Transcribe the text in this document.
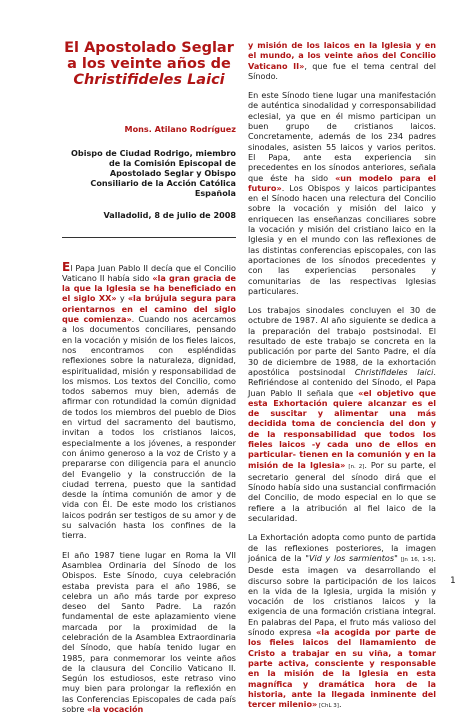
El Apostolado Seglar
a los veinte años de
Christifideles Laici
Mons. Atilano Rodríguez
Obispo de Ciudad Rodrigo, miembro de la Comisión Episcopal de Apostolado Seglar y Obispo Consiliario de la Acción Católica Española
Valladolid, 8 de julio de 2008

El Papa Juan Pablo II decía que el Concilio Vaticano II había sido «la gran gracia de la que la Iglesia se ha beneficiado en el siglo XX» y «la brújula segura para orientarnos en el camino del siglo que comienza». Cuando nos acercamos a los documentos conciliares, pensando en la vocación y misión de los fieles laicos, nos encontramos con espléndidas reflexiones sobre la naturaleza, dignidad, espiritualidad, misión y responsabilidad de los mismos. Los textos del Concilio, como todos sabemos muy bien, además de afirmar con rotundidad la común dignidad de todos los miembros del pueblo de Dios en virtud del sacramento del bautismo, invitan a todos los cristianos laicos, especialmente a los jóvenes, a responder con ánimo generoso a la voz de Cristo y a prepararse con diligencia para el anuncio del Evangelio y la construcción de la ciudad terrena, puesto que la santidad desde la íntima comunión de amor y de vida con Él. De este modo los cristianos laicos podrán ser testigos de su amor y de su salvación hasta los confines de la tierra.

El año 1987 tiene lugar en Roma la VII Asamblea Ordinaria del Sínodo de los Obispos. Este Sínodo, cuya celebración estaba prevista para el año 1986, se celebra un año más tarde por expreso deseo del Santo Padre. La razón fundamental de este aplazamiento viene marcada por la proximidad de la celebración de la Asamblea Extraordinaria del Sínodo, que había tenido lugar en 1985, para conmemorar los veinte años de la clausura del Concilio Vaticano II. Según los estudiosos, este retraso vino muy bien para prolongar la reflexión en las Conferencias Episcopales de cada país sobre «la vocación

y misión de los laicos en la Iglesia y en el mundo, a los veinte años del Concilio Vaticano II», que fue el tema central del Sínodo.

En este Sínodo tiene lugar una manifestación de auténtica sinodalidad y corresponsabilidad eclesial, ya que en él mismo participan un buen grupo de cristianos laicos. Concretamente, además de los 234 padres sinodales, asisten 55 laicos y varios peritos. El Papa, ante esta experiencia sin precedentes en los sínodos anteriores, señala que éste ha sido «un modelo para el futuro». Los Obispos y laicos participantes en el Sínodo hacen una relectura del Concilio sobre la vocación y misión del laico y enriquecen las enseñanzas conciliares sobre la vocación y misión del cristiano laico en la Iglesia y en el mundo con las reflexiones de las distintas conferencias episcopales, con las aportaciones de los sínodos precedentes y con las experiencias personales y comunitarias de las respectivas Iglesias particulares.

Los trabajos sinodales concluyen el 30 de octubre de 1987. Al año siguiente se dedica a la preparación del trabajo postsinodal. El resultado de este trabajo se concreta en la publicación por parte del Santo Padre, el día 30 de diciembre de 1988, de la exhortación apostólica postsinodal Christifideles laici. Refiriéndose al contenido del Sínodo, el Papa Juan Pablo II señala que «el objetivo que esta Exhortación quiere alcanzar es el de suscitar y alimentar una más decidida toma de conciencia del don y de la responsabilidad que todos los fieles laicos -y cada uno de ellos en particular- tienen en la comunión y en la misión de la Iglesia» [n. 2]. Por su parte, el secretario general del sínodo dirá que el Sínodo había sido una sustancial confirmación del Concilio, de modo especial en lo que se refiere a la atribución al fiel laico de la secularidad.

La Exhortación adopta como punto de partida de las reflexiones posteriores, la imagen joánica de la "Vid y los sarmientos" [Jn 16, 1-5]. Desde esta imagen va desarrollando el discurso sobre la participación de los laicos en la vida de la Iglesia, urgida la misión y vocación de los cristianos laicos y la exigencia de una formación cristiana integral. En palabras del Papa, el fruto más valioso del sínodo expresa «la acogida por parte de los fieles laicos del llamamiento de Cristo a trabajar en su viña, a tomar parte activa, consciente y responsable en la misión de la Iglesia en esta magnífica y dramática hora de la historia, ante la llegada inminente del tercer milenio» [ChL 3].

1
